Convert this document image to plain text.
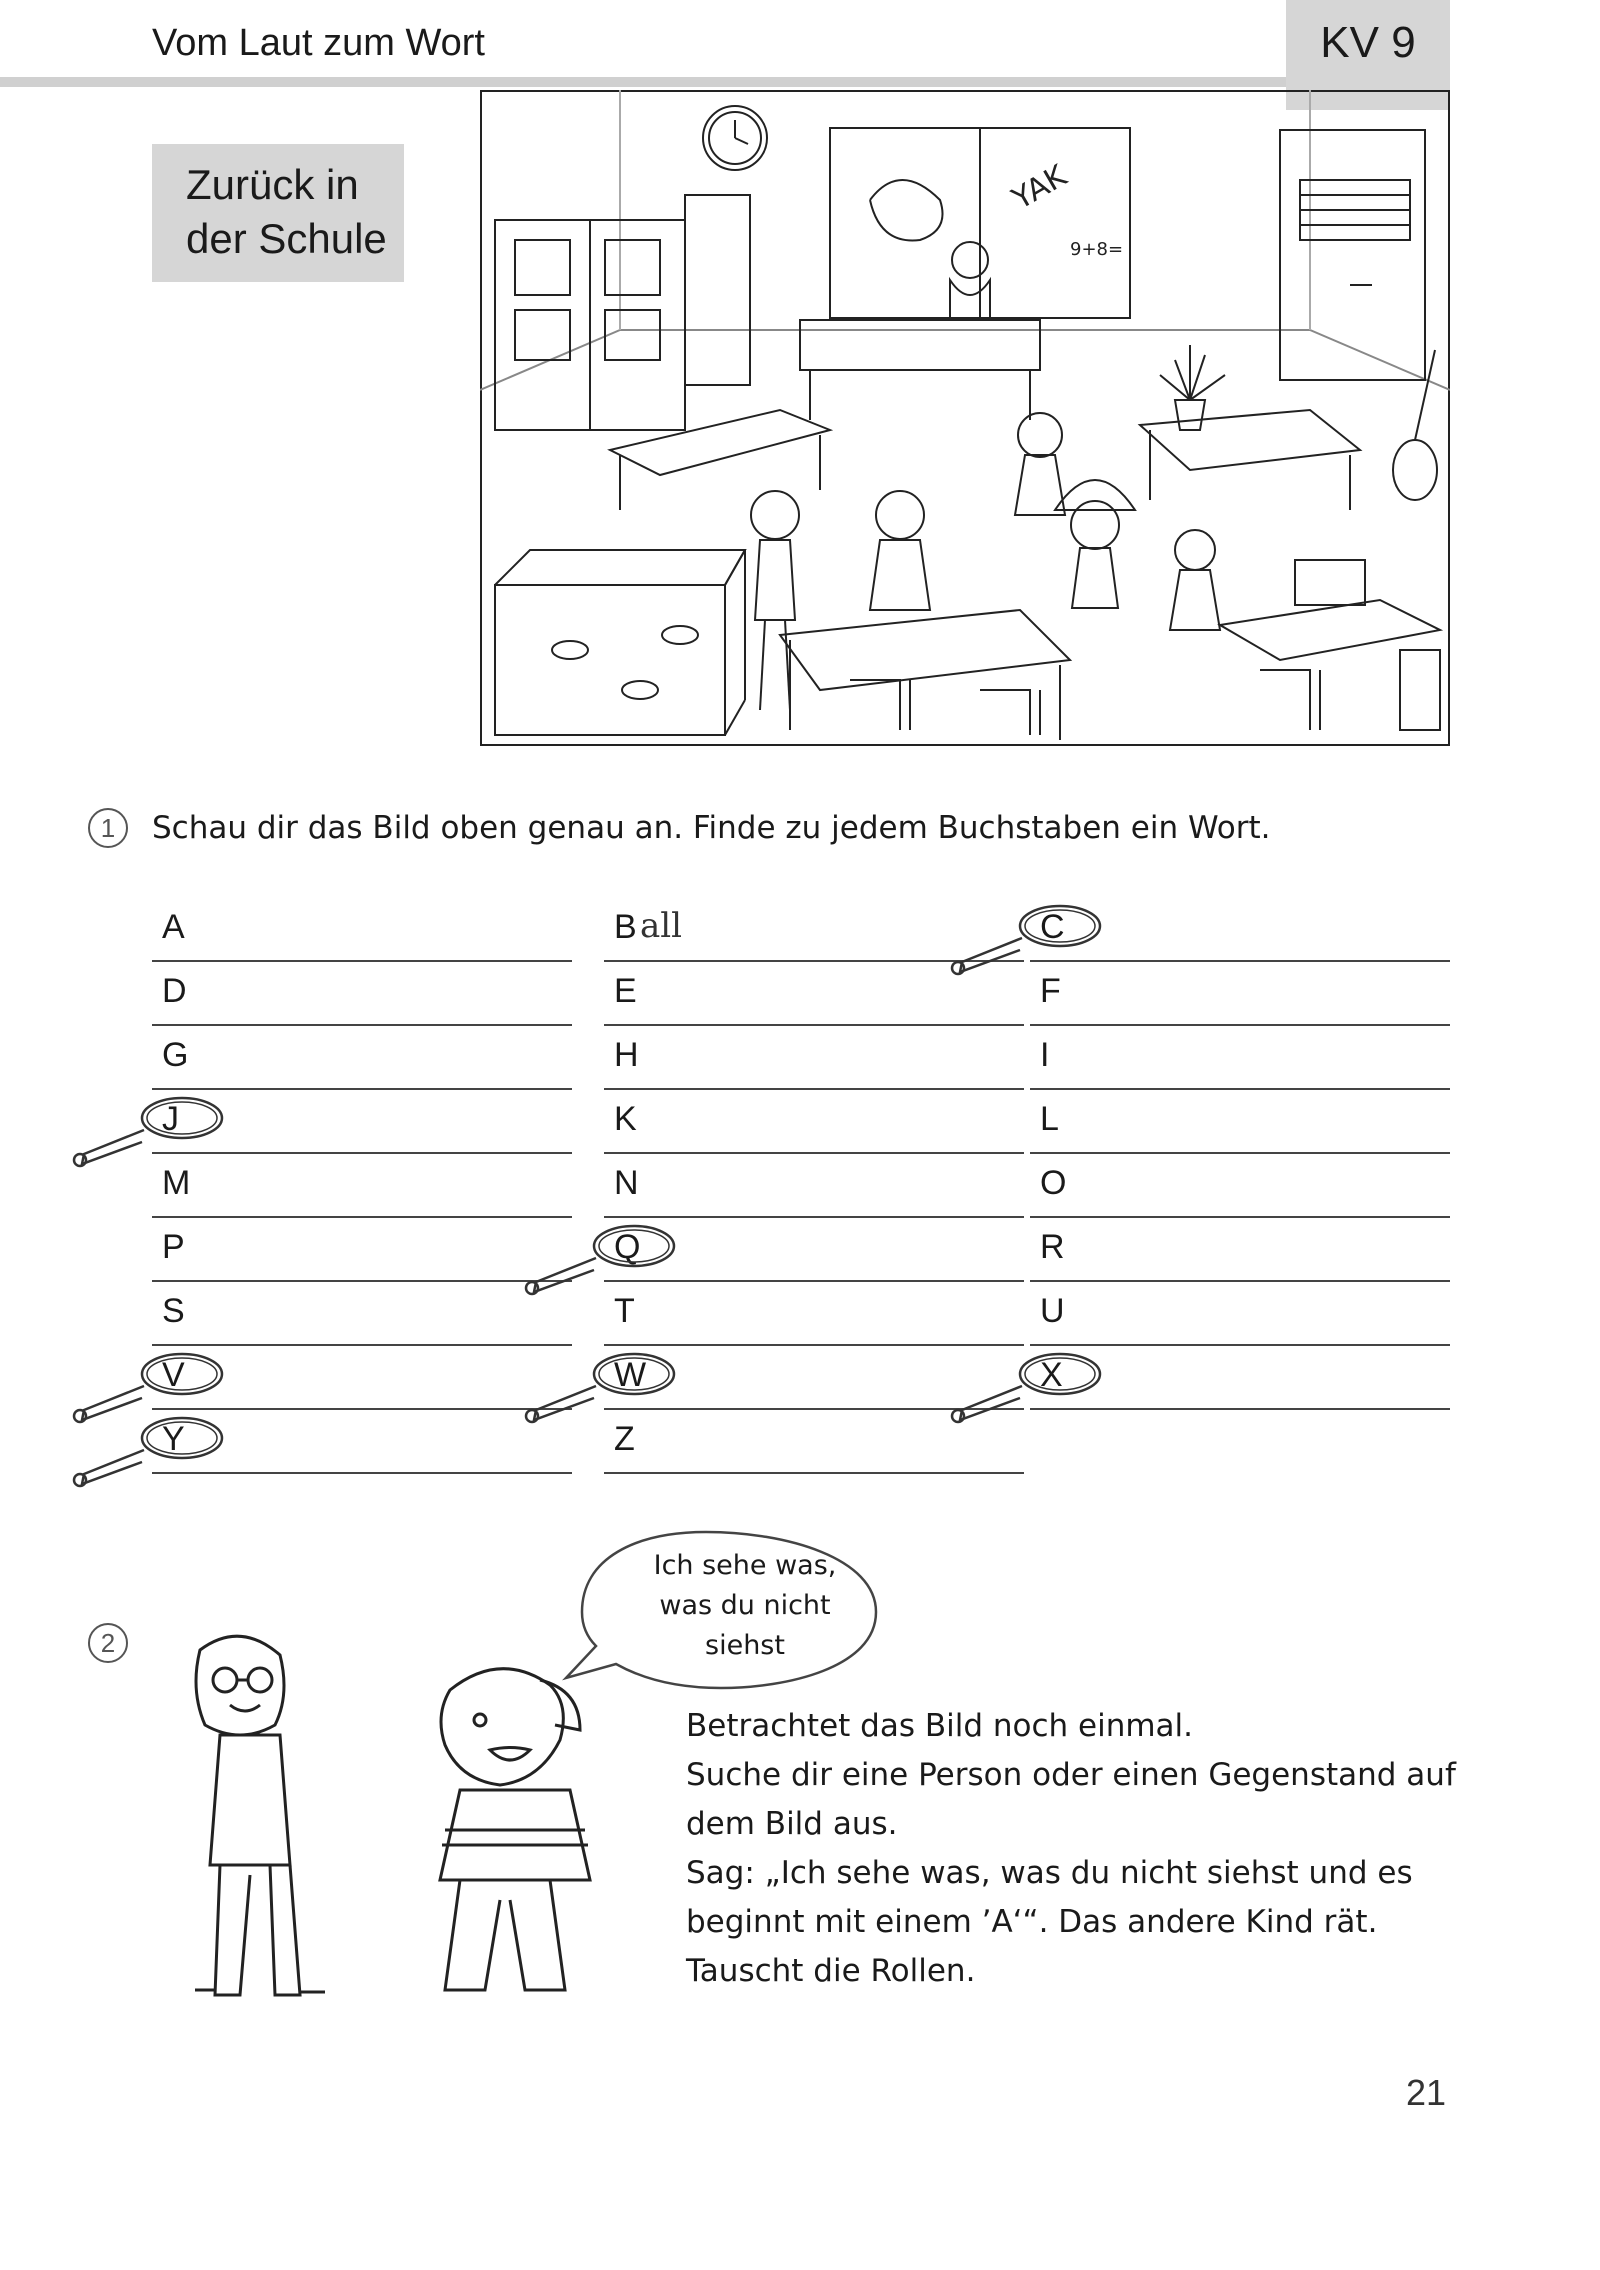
Vom Laut zum Wort	KV 9
Zurück in
der Schule
YAK
9+8=
1	Schau dir das Bild oben genau an. Finde zu jedem Buchstaben ein Wort.
A	B all	C
D	E	F
G	H	I
J	K	L
M	N	O
P	Q	R
S	T	U
V	W	X
Y	Z
2
Ich sehe was,
was du nicht
siehst
Betrachtet das Bild noch einmal.
Suche dir eine Person oder einen Gegenstand auf
dem Bild aus.
Sag: „Ich sehe was, was du nicht siehst und es
beginnt mit einem ’A‘“. Das andere Kind rät.
Tauscht die Rollen.
21
